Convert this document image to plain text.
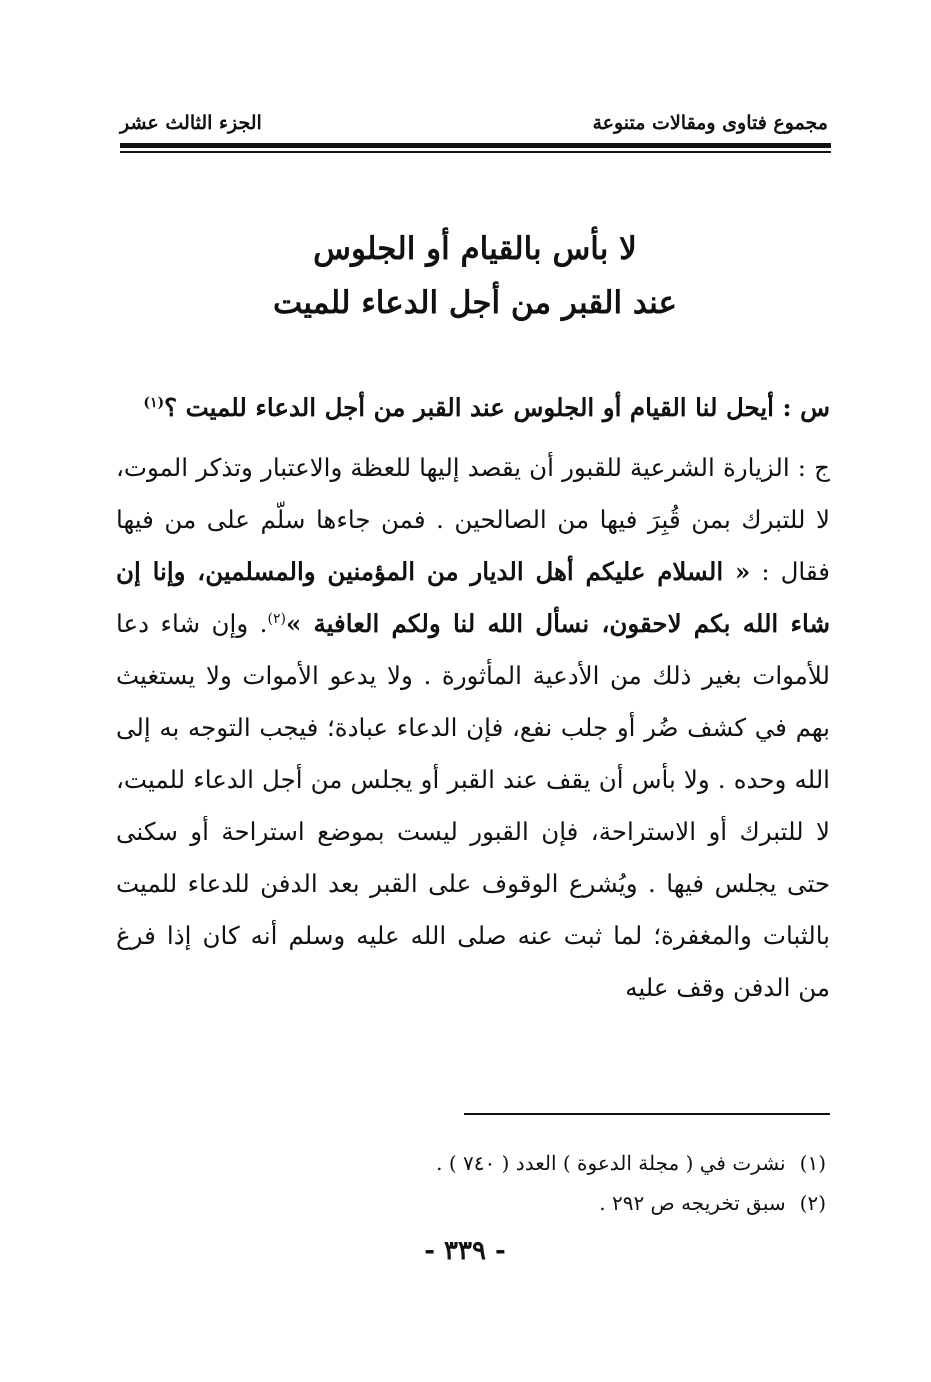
مجموع فتاوى ومقالات متنوعة
الجزء الثالث عشر
لا بأس بالقيام أو الجلوس
عند القبر من أجل الدعاء للميت

س : أيحل لنا القيام أو الجلوس عند القبر من أجل الدعاء للميت ؟$^{(١)}$

ج : الزيارة الشرعية للقبور أن يقصد إليها للعظة والاعتبار وتذكر الموت، لا للتبرك بمن قُبِرَ فيها من الصالحين . فمن جاءها سلّم على من فيها فقال : « السلام عليكم أهل الديار من المؤمنين والمسلمين، وإنا إن شاء الله بكم لاحقون، نسأل الله لنا ولكم العافية »$^{(٢)}$. وإن شاء دعا للأموات بغير ذلك من الأدعية المأثورة . ولا يدعو الأموات ولا يستغيث بهم في كشف ضُر أو جلب نفع، فإن الدعاء عبادة؛ فيجب التوجه به إلى الله وحده . ولا بأس أن يقف عند القبر أو يجلس من أجل الدعاء للميت، لا للتبرك أو الاستراحة، فإن القبور ليست بموضع استراحة أو سكنى حتى يجلس فيها . ويُشرع الوقوف على القبر بعد الدفن للدعاء للميت بالثبات والمغفرة؛ لما ثبت عنه صلى الله عليه وسلم أنه كان إذا فرغ من الدفن وقف عليه

(١)نشرت في ( مجلة الدعوة ) العدد ( ٧٤٠ ) .
(٢)سبق تخريجه ص ٢٩٢ .
- ٣٣٩ -
